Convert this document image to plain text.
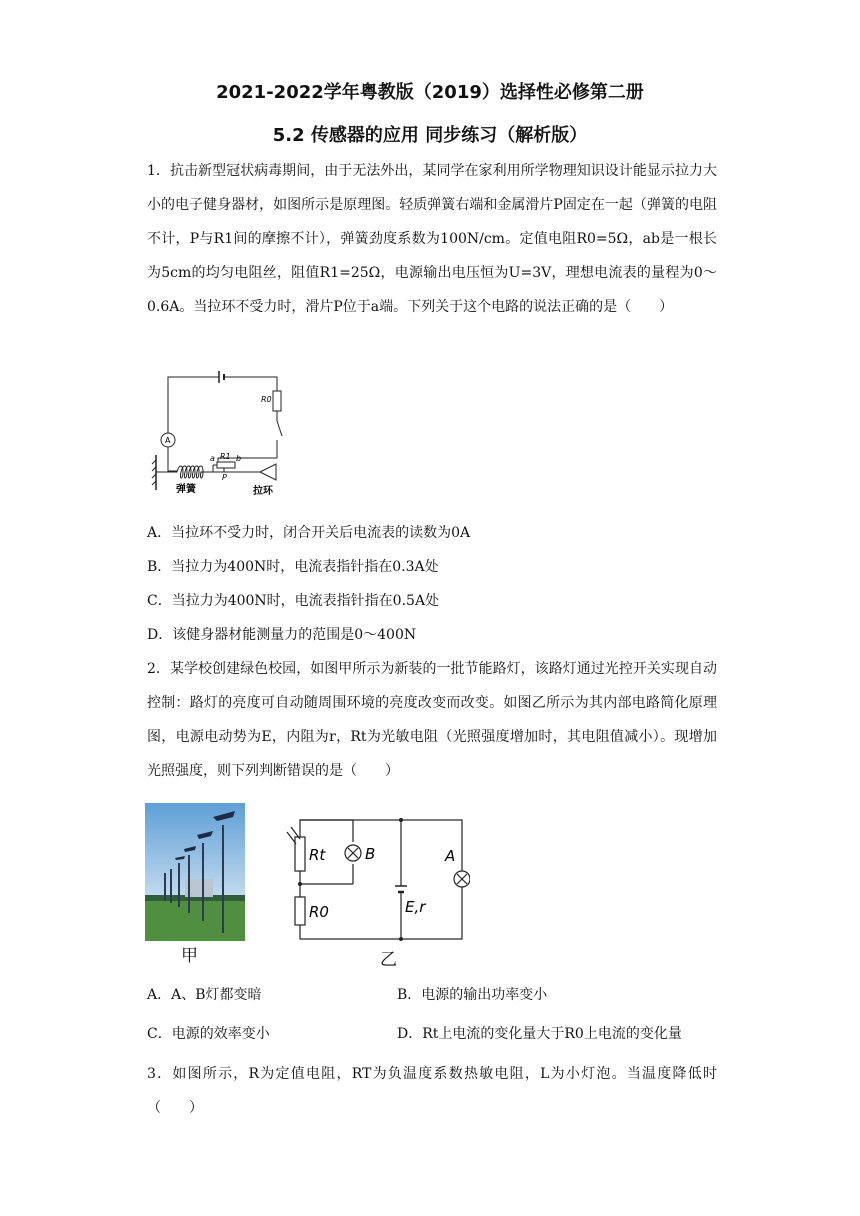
2021-2022学年粤教版（2019）选择性必修第二册
5.2 传感器的应用 同步练习（解析版）
1．抗击新型冠状病毒期间，由于无法外出，某同学在家利用所学物理知识设计能显示拉力大小的电子健身器材，如图所示是原理图。轻质弹簧右端和金属滑片P固定在一起（弹簧的电阻不计，P与R1间的摩擦不计），弹簧劲度系数为100N/cm。定值电阻R0=5Ω，ab是一根长为5cm的均匀电阻丝，阻值R1=25Ω，电源输出电压恒为U=3V，理想电流表的量程为0～0.6A。当拉环不受力时，滑片P位于a端。下列关于这个电路的说法正确的是（　　）
R0
A
R1
a	b
P
弹簧	拉环
A．当拉环不受力时，闭合开关后电流表的读数为0A
B．当拉力为400N时，电流表指针指在0.3A处
C．当拉力为400N时，电流表指针指在0.5A处
D．该健身器材能测量力的范围是0～400N
2．某学校创建绿色校园，如图甲所示为新装的一批节能路灯，该路灯通过光控开关实现自动控制：路灯的亮度可自动随周围环境的亮度改变而改变。如图乙所示为其内部电路简化原理图，电源电动势为E，内阻为r，Rt为光敏电阻（光照强度增加时，其电阻值减小）。现增加光照强度，则下列判断错误的是（　　）
甲
Rt	B
R0	E,r
A
乙
A．A、B灯都变暗	B．电源的输出功率变小
C．电源的效率变小	D．Rt上电流的变化量大于R0上电流的变化量
3．如图所示，R为定值电阻，RT为负温度系数热敏电阻，L为小灯泡。当温度降低时（　　）
